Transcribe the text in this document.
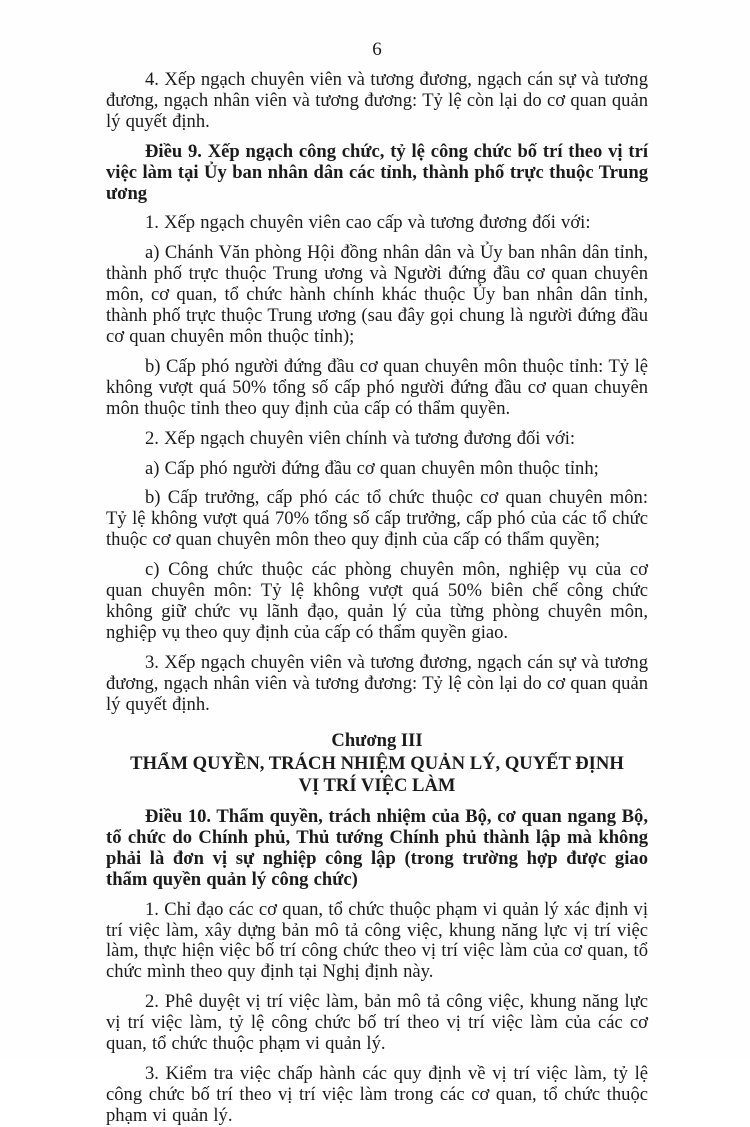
6

4. Xếp ngạch chuyên viên và tương đương, ngạch cán sự và tương đương, ngạch nhân viên và tương đương: Tỷ lệ còn lại do cơ quan quản lý quyết định.

Điều 9. Xếp ngạch công chức, tỷ lệ công chức bố trí theo vị trí việc làm tại Ủy ban nhân dân các tỉnh, thành phố trực thuộc Trung ương

1. Xếp ngạch chuyên viên cao cấp và tương đương đối với:

a) Chánh Văn phòng Hội đồng nhân dân và Ủy ban nhân dân tỉnh, thành phố trực thuộc Trung ương và Người đứng đầu cơ quan chuyên môn, cơ quan, tổ chức hành chính khác thuộc Ủy ban nhân dân tỉnh, thành phố trực thuộc Trung ương (sau đây gọi chung là người đứng đầu cơ quan chuyên môn thuộc tỉnh);

b) Cấp phó người đứng đầu cơ quan chuyên môn thuộc tỉnh: Tỷ lệ không vượt quá 50% tổng số cấp phó người đứng đầu cơ quan chuyên môn thuộc tỉnh theo quy định của cấp có thẩm quyền.

2. Xếp ngạch chuyên viên chính và tương đương đối với:

a) Cấp phó người đứng đầu cơ quan chuyên môn thuộc tỉnh;

b) Cấp trưởng, cấp phó các tổ chức thuộc cơ quan chuyên môn: Tỷ lệ không vượt quá 70% tổng số cấp trưởng, cấp phó của các tổ chức thuộc cơ quan chuyên môn theo quy định của cấp có thẩm quyền;

c) Công chức thuộc các phòng chuyên môn, nghiệp vụ của cơ quan chuyên môn: Tỷ lệ không vượt quá 50% biên chế công chức không giữ chức vụ lãnh đạo, quản lý của từng phòng chuyên môn, nghiệp vụ theo quy định của cấp có thẩm quyền giao.

3. Xếp ngạch chuyên viên và tương đương, ngạch cán sự và tương đương, ngạch nhân viên và tương đương: Tỷ lệ còn lại do cơ quan quản lý quyết định.

Chương III
THẨM QUYỀN, TRÁCH NHIỆM QUẢN LÝ, QUYẾT ĐỊNH
VỊ TRÍ VIỆC LÀM

Điều 10. Thẩm quyền, trách nhiệm của Bộ, cơ quan ngang Bộ, tổ chức do Chính phủ, Thủ tướng Chính phủ thành lập mà không phải là đơn vị sự nghiệp công lập (trong trường hợp được giao thẩm quyền quản lý công chức)

1. Chỉ đạo các cơ quan, tổ chức thuộc phạm vi quản lý xác định vị trí việc làm, xây dựng bản mô tả công việc, khung năng lực vị trí việc làm, thực hiện việc bố trí công chức theo vị trí việc làm của cơ quan, tổ chức mình theo quy định tại Nghị định này.

2. Phê duyệt vị trí việc làm, bản mô tả công việc, khung năng lực vị trí việc làm, tỷ lệ công chức bố trí theo vị trí việc làm của các cơ quan, tổ chức thuộc phạm vi quản lý.

3. Kiểm tra việc chấp hành các quy định về vị trí việc làm, tỷ lệ công chức bố trí theo vị trí việc làm trong các cơ quan, tổ chức thuộc phạm vi quản lý.
